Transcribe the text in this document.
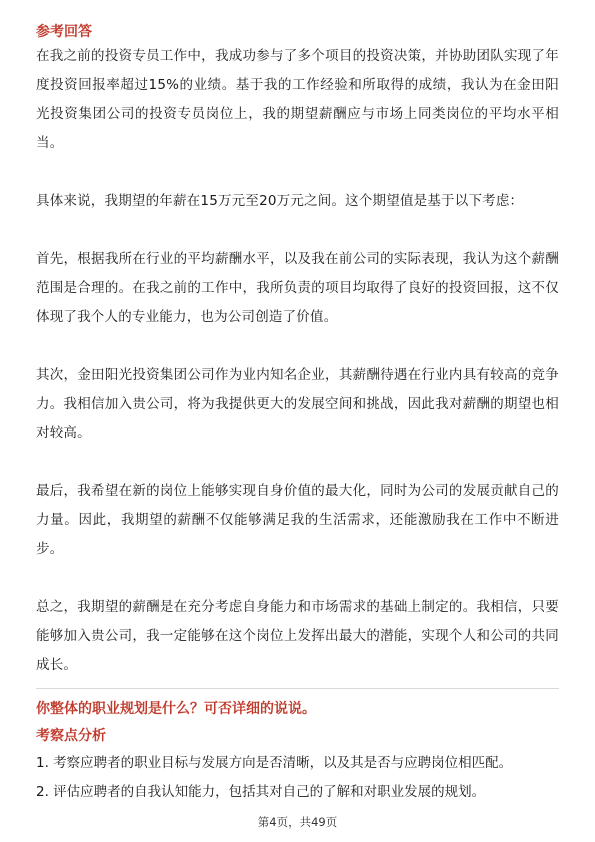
参考回答

在我之前的投资专员工作中，我成功参与了多个项目的投资决策，并协助团队实现了年度投资回报率超过15%的业绩。基于我的工作经验和所取得的成绩，我认为在金田阳光投资集团公司的投资专员岗位上，我的期望薪酬应与市场上同类岗位的平均水平相当。

具体来说，我期望的年薪在15万元至20万元之间。这个期望值是基于以下考虑：

首先，根据我所在行业的平均薪酬水平，以及我在前公司的实际表现，我认为这个薪酬范围是合理的。在我之前的工作中，我所负责的项目均取得了良好的投资回报，这不仅体现了我个人的专业能力，也为公司创造了价值。

其次，金田阳光投资集团公司作为业内知名企业，其薪酬待遇在行业内具有较高的竞争力。我相信加入贵公司，将为我提供更大的发展空间和挑战，因此我对薪酬的期望也相对较高。

最后，我希望在新的岗位上能够实现自身价值的最大化，同时为公司的发展贡献自己的力量。因此，我期望的薪酬不仅能够满足我的生活需求，还能激励我在工作中不断进步。

总之，我期望的薪酬是在充分考虑自身能力和市场需求的基础上制定的。我相信，只要能够加入贵公司，我一定能够在这个岗位上发挥出最大的潜能，实现个人和公司的共同成长。

你整体的职业规划是什么？可否详细的说说。

考察点分析

1. 考察应聘者的职业目标与发展方向是否清晰，以及其是否与应聘岗位相匹配。

2. 评估应聘者的自我认知能力，包括其对自己的了解和对职业发展的规划。

第4页，共49页
